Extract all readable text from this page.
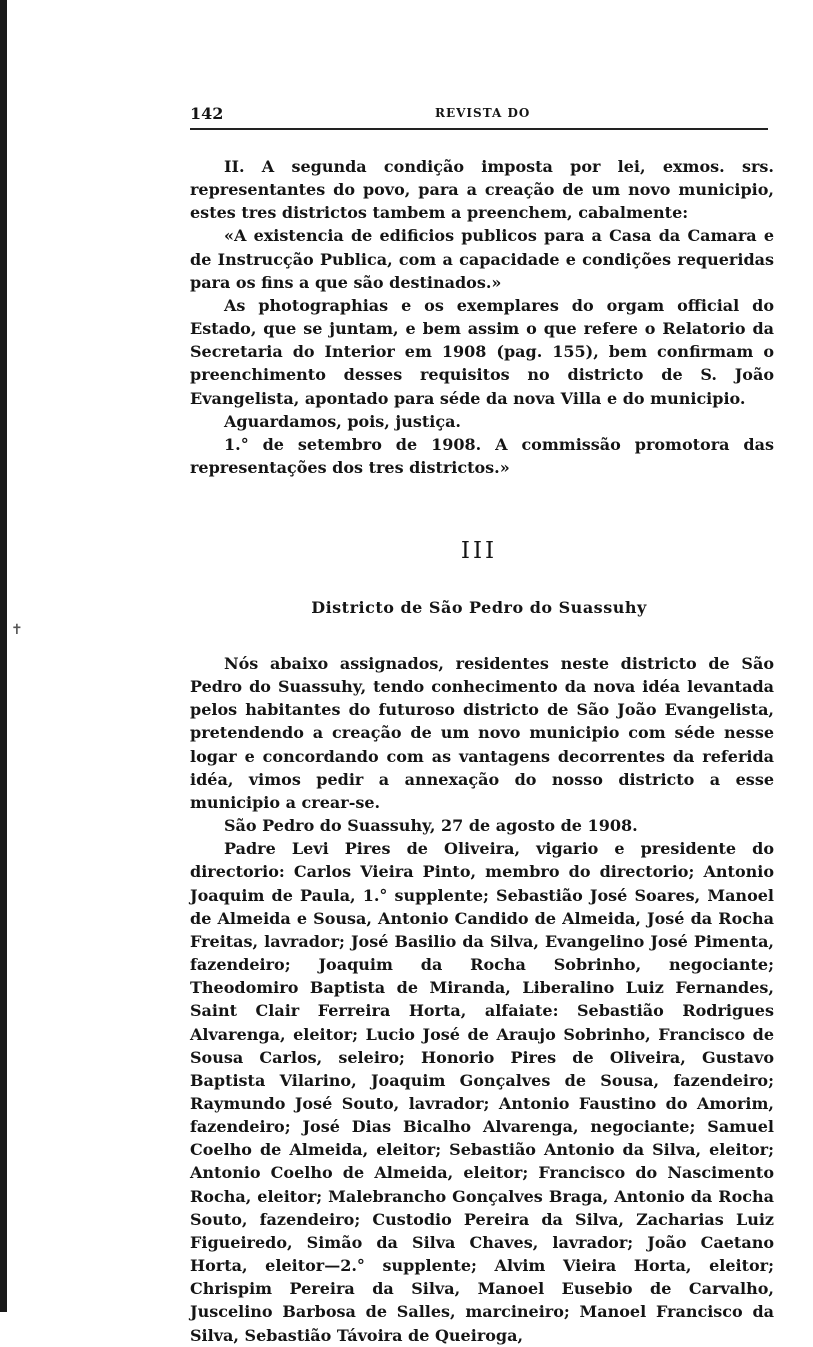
✝
142	REVISTA DO

II. A segunda condição imposta por lei, exmos. srs. representantes do povo, para a creação de um novo municipio, estes tres districtos tambem a preenchem, cabalmente:

«A existencia de edificios publicos para a Casa da Camara e de Instrucção Publica, com a capacidade e condições requeridas para os fins a que são destinados.»

As photographias e os exemplares do orgam official do Estado, que se juntam, e bem assim o que refere o Relatorio da Secretaria do Interior em 1908 (pag. 155), bem confirmam o preenchimento desses requisitos no districto de S. João Evangelista, apontado para séde da nova Villa e do municipio.

Aguardamos, pois, justiça.

1.° de setembro de 1908. A commissão promotora das representações dos tres districtos.»

III
Districto de São Pedro do Suassuhy

Nós abaixo assignados, residentes neste districto de São Pedro do Suassuhy, tendo conhecimento da nova idéa levantada pelos habitantes do futuroso districto de São João Evangelista, pretendendo a creação de um novo municipio com séde nesse logar e concordando com as vantagens decorrentes da referida idéa, vimos pedir a annexação do nosso districto a esse municipio a crear-se.

São Pedro do Suassuhy, 27 de agosto de 1908.

Padre Levi Pires de Oliveira, vigario e presidente do directorio: Carlos Vieira Pinto, membro do directorio; Antonio Joaquim de Paula, 1.° supplente; Sebastião José Soares, Manoel de Almeida e Sousa, Antonio Candido de Almeida, José da Rocha Freitas, lavrador; José Basilio da Silva, Evangelino José Pimenta, fazendeiro; Joaquim da Rocha Sobrinho, negociante; Theodomiro Baptista de Miranda, Liberalino Luiz Fernandes, Saint Clair Ferreira Horta, alfaiate: Sebastião Rodrigues Alvarenga, eleitor; Lucio José de Araujo Sobrinho, Francisco de Sousa Carlos, seleiro; Honorio Pires de Oliveira, Gustavo Baptista Vilarino, Joaquim Gonçalves de Sousa, fazendeiro; Raymundo José Souto, lavrador; Antonio Faustino do Amorim, fazendeiro; José Dias Bicalho Alvarenga, negociante; Samuel Coelho de Almeida, eleitor; Sebastião Antonio da Silva, eleitor; Antonio Coelho de Almeida, eleitor; Francisco do Nascimento Rocha, eleitor; Malebrancho Gonçalves Braga, Antonio da Rocha Souto, fazendeiro; Custodio Pereira da Silva, Zacharias Luiz Figueiredo, Simão da Silva Chaves, lavrador; João Caetano Horta, eleitor—2.° supplente; Alvim Vieira Horta, eleitor; Chrispim Pereira da Silva, Manoel Eusebio de Carvalho, Juscelino Barbosa de Salles, marcineiro; Manoel Francisco da Silva, Sebastião Távoira de Queiroga,
